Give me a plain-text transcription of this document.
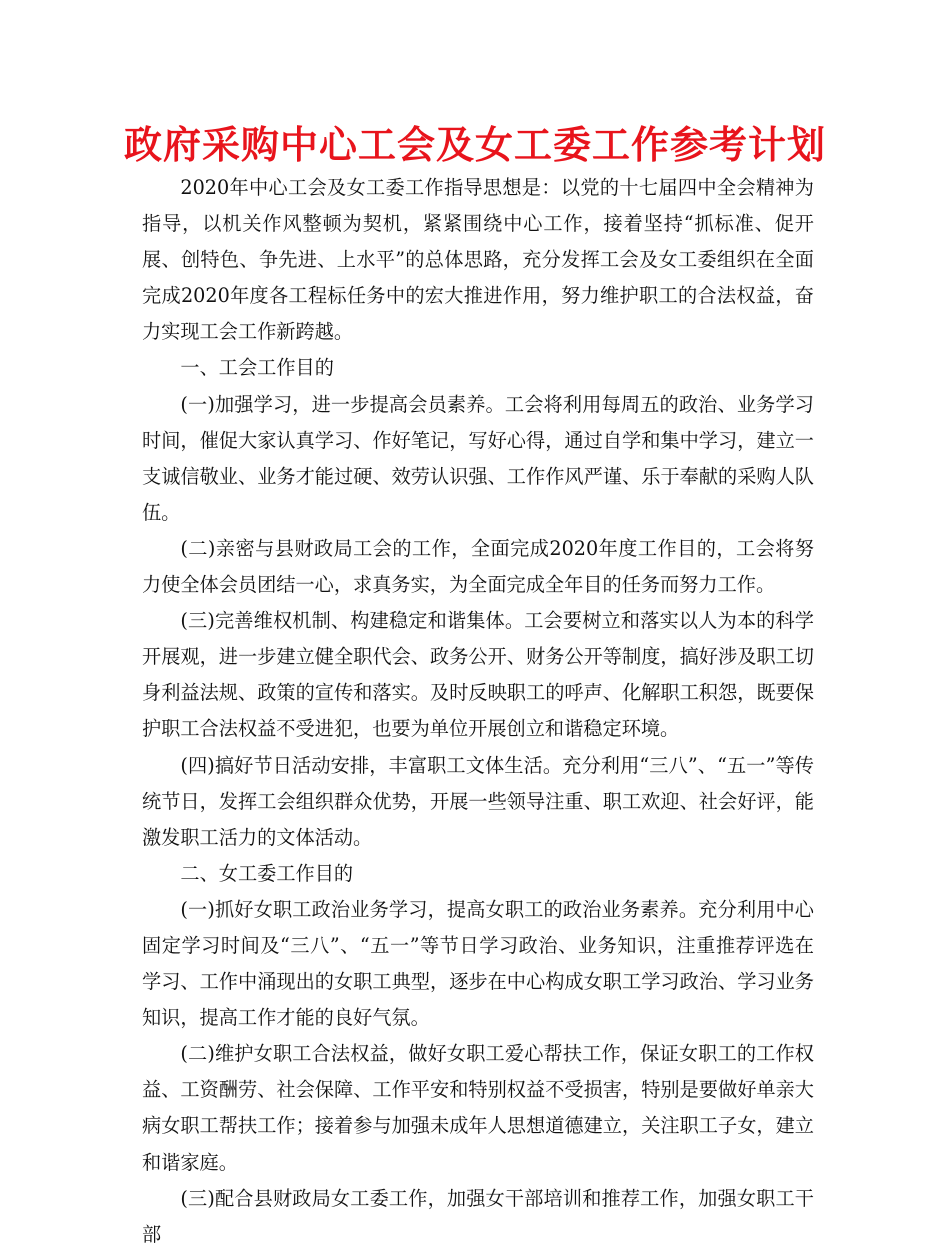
政府采购中心工会及女工委工作参考计划

2020年中心工会及女工委工作指导思想是：以党的十七届四中全会精神为指导，以机关作风整顿为契机，紧紧围绕中心工作，接着坚持“抓标准、促开展、创特色、争先进、上水平”的总体思路，充分发挥工会及女工委组织在全面完成2020年度各工程标任务中的宏大推进作用，努力维护职工的合法权益，奋力实现工会工作新跨越。

一、工会工作目的

(一)加强学习，进一步提高会员素养。工会将利用每周五的政治、业务学习时间，催促大家认真学习、作好笔记，写好心得，通过自学和集中学习，建立一支诚信敬业、业务才能过硬、效劳认识强、工作作风严谨、乐于奉献的采购人队伍。

(二)亲密与县财政局工会的工作，全面完成2020年度工作目的，工会将努力使全体会员团结一心，求真务实，为全面完成全年目的任务而努力工作。

(三)完善维权机制、构建稳定和谐集体。工会要树立和落实以人为本的科学开展观，进一步建立健全职代会、政务公开、财务公开等制度，搞好涉及职工切身利益法规、政策的宣传和落实。及时反映职工的呼声、化解职工积怨，既要保护职工合法权益不受进犯，也要为单位开展创立和谐稳定环境。

(四)搞好节日活动安排，丰富职工文体生活。充分利用“三八”、“五一”等传统节日，发挥工会组织群众优势，开展一些领导注重、职工欢迎、社会好评，能激发职工活力的文体活动。

二、女工委工作目的

(一)抓好女职工政治业务学习，提高女职工的政治业务素养。充分利用中心固定学习时间及“三八”、“五一”等节日学习政治、业务知识，注重推荐评选在学习、工作中涌现出的女职工典型，逐步在中心构成女职工学习政治、学习业务知识，提高工作才能的良好气氛。

(二)维护女职工合法权益，做好女职工爱心帮扶工作，保证女职工的工作权益、工资酬劳、社会保障、工作平安和特别权益不受损害，特别是要做好单亲大病女职工帮扶工作；接着参与加强未成年人思想道德建立，关注职工子女，建立和谐家庭。

(三)配合县财政局女工委工作，加强女干部培训和推荐工作，加强女职工干部
